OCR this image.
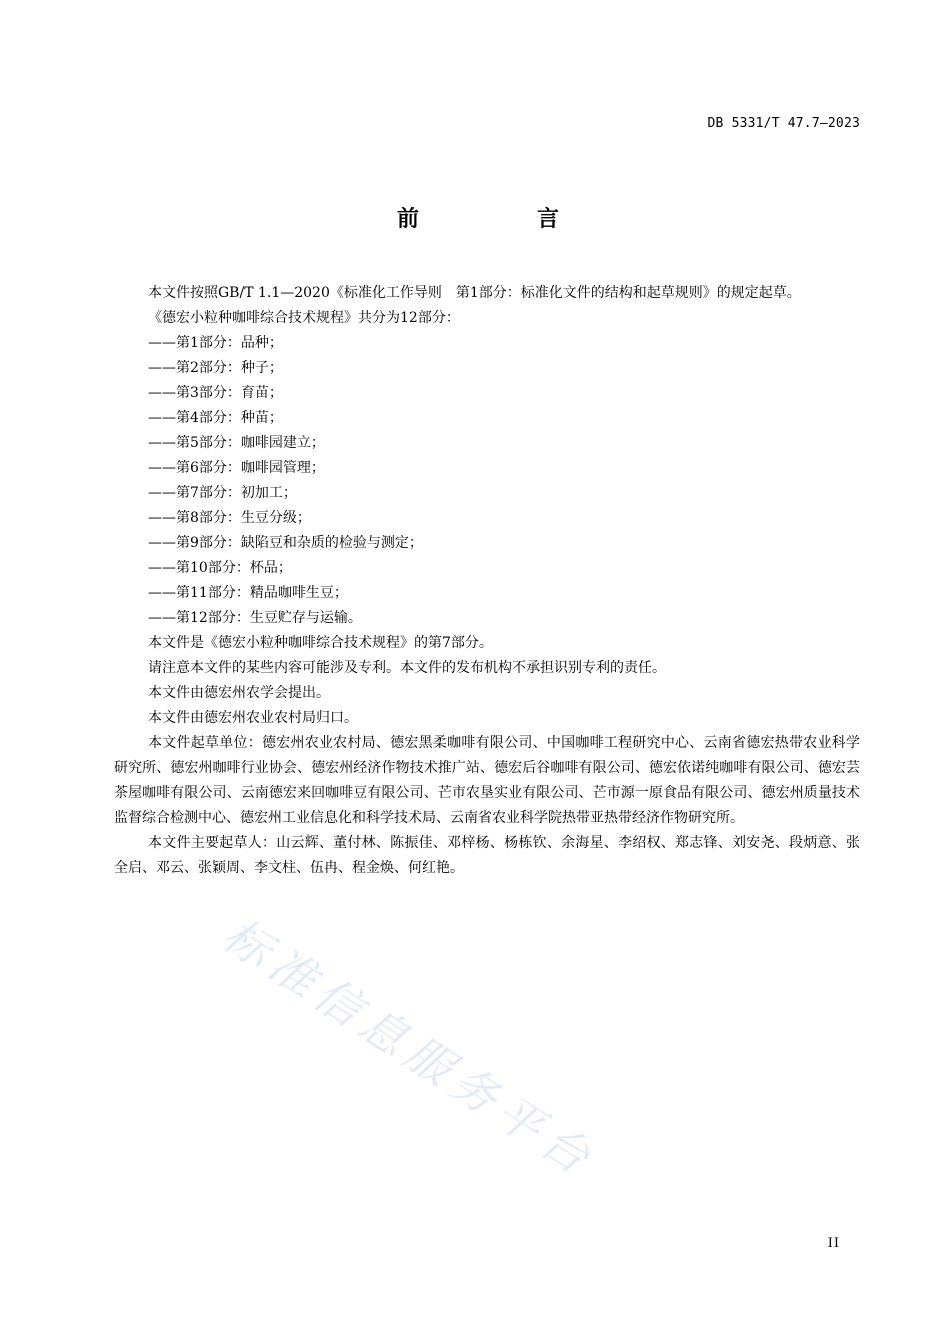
DB 5331/T 47.7—2023
前　言

本文件按照GB/T 1.1—2020《标准化工作导则　第1部分：标准化文件的结构和起草规则》的规定起草。

《德宏小粒种咖啡综合技术规程》共分为12部分：

——第1部分：品种；
——第2部分：种子；
——第3部分：育苗；
——第4部分：种苗；
——第5部分：咖啡园建立；
——第6部分：咖啡园管理；
——第7部分：初加工；
——第8部分：生豆分级；
——第9部分：缺陷豆和杂质的检验与测定；
——第10部分：杯品；
——第11部分：精品咖啡生豆；
——第12部分：生豆贮存与运输。

本文件是《德宏小粒种咖啡综合技术规程》的第7部分。

请注意本文件的某些内容可能涉及专利。本文件的发布机构不承担识别专利的责任。

本文件由德宏州农学会提出。

本文件由德宏州农业农村局归口。

本文件起草单位：德宏州农业农村局、德宏黑柔咖啡有限公司、中国咖啡工程研究中心、云南省德宏热带农业科学研究所、德宏州咖啡行业协会、德宏州经济作物技术推广站、德宏后谷咖啡有限公司、德宏依诺纯咖啡有限公司、德宏芸茶屋咖啡有限公司、云南德宏来回咖啡豆有限公司、芒市农垦实业有限公司、芒市源一原食品有限公司、德宏州质量技术监督综合检测中心、德宏州工业信息化和科学技术局、云南省农业科学院热带亚热带经济作物研究所。

本文件主要起草人：山云辉、董付林、陈振佳、邓梓杨、杨栋钦、余海星、李绍权、郑志锋、刘安尧、段炳意、张全启、邓云、张颖周、李文柱、伍冉、程金焕、何红艳。

标准信息服务平台
II
